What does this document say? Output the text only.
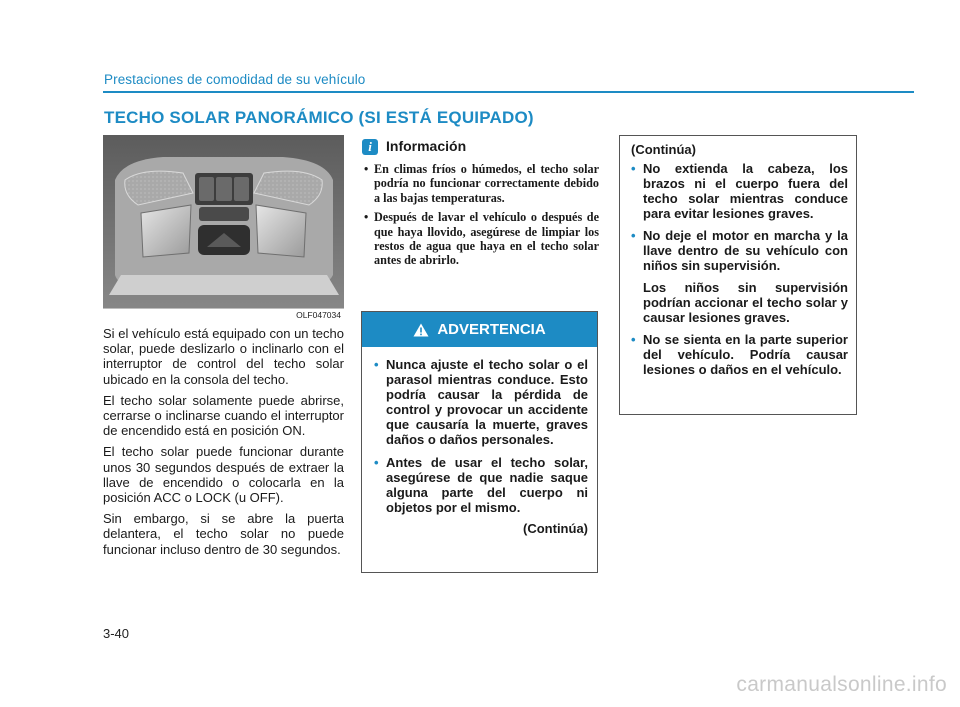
Prestaciones de comodidad de su vehículo
TECHO SOLAR PANORÁMICO (SI ESTÁ EQUIPADO)
OLF047034

Si el vehículo está equipado con un techo solar, puede deslizarlo o inclinarlo con el interruptor de control del techo solar ubicado en la consola del techo.

El techo solar solamente puede abrirse, cerrarse o inclinarse cuando el interruptor de encendido está en posición ON.

El techo solar puede funcionar durante unos 30 segundos después de extraer la llave de encendido o colocarla en la posición ACC o LOCK (u OFF).

Sin embargo, si se abre la puerta delantera, el techo solar no puede funcionar incluso dentro de 30 segundos.

i	Información
• En climas fríos o húmedos, el techo solar podría no funcionar correctamente debido a las bajas temperaturas.
• Después de lavar el vehículo o después de que haya llovido, asegúrese de limpiar los restos de agua que haya en el techo solar antes de abrirlo.
ADVERTENCIA
• Nunca ajuste el techo solar o el parasol mientras conduce. Esto podría causar la pérdida de control y provocar un accidente que causaría la muerte, graves daños o daños personales.
• Antes de usar el techo solar, asegúrese de que nadie saque alguna parte del cuerpo ni objetos por el mismo.
(Continúa)
(Continúa)
• No extienda la cabeza, los brazos ni el cuerpo fuera del techo solar mientras conduce para evitar lesiones graves.
• No deje el motor en marcha y la llave dentro de su vehículo con niños sin supervisión.
Los niños sin supervisión podrían accionar el techo solar y causar lesiones graves.
• No se sienta en la parte superior del vehículo. Podría causar lesiones o daños en el vehículo.
3-40
carmanualsonline.info
